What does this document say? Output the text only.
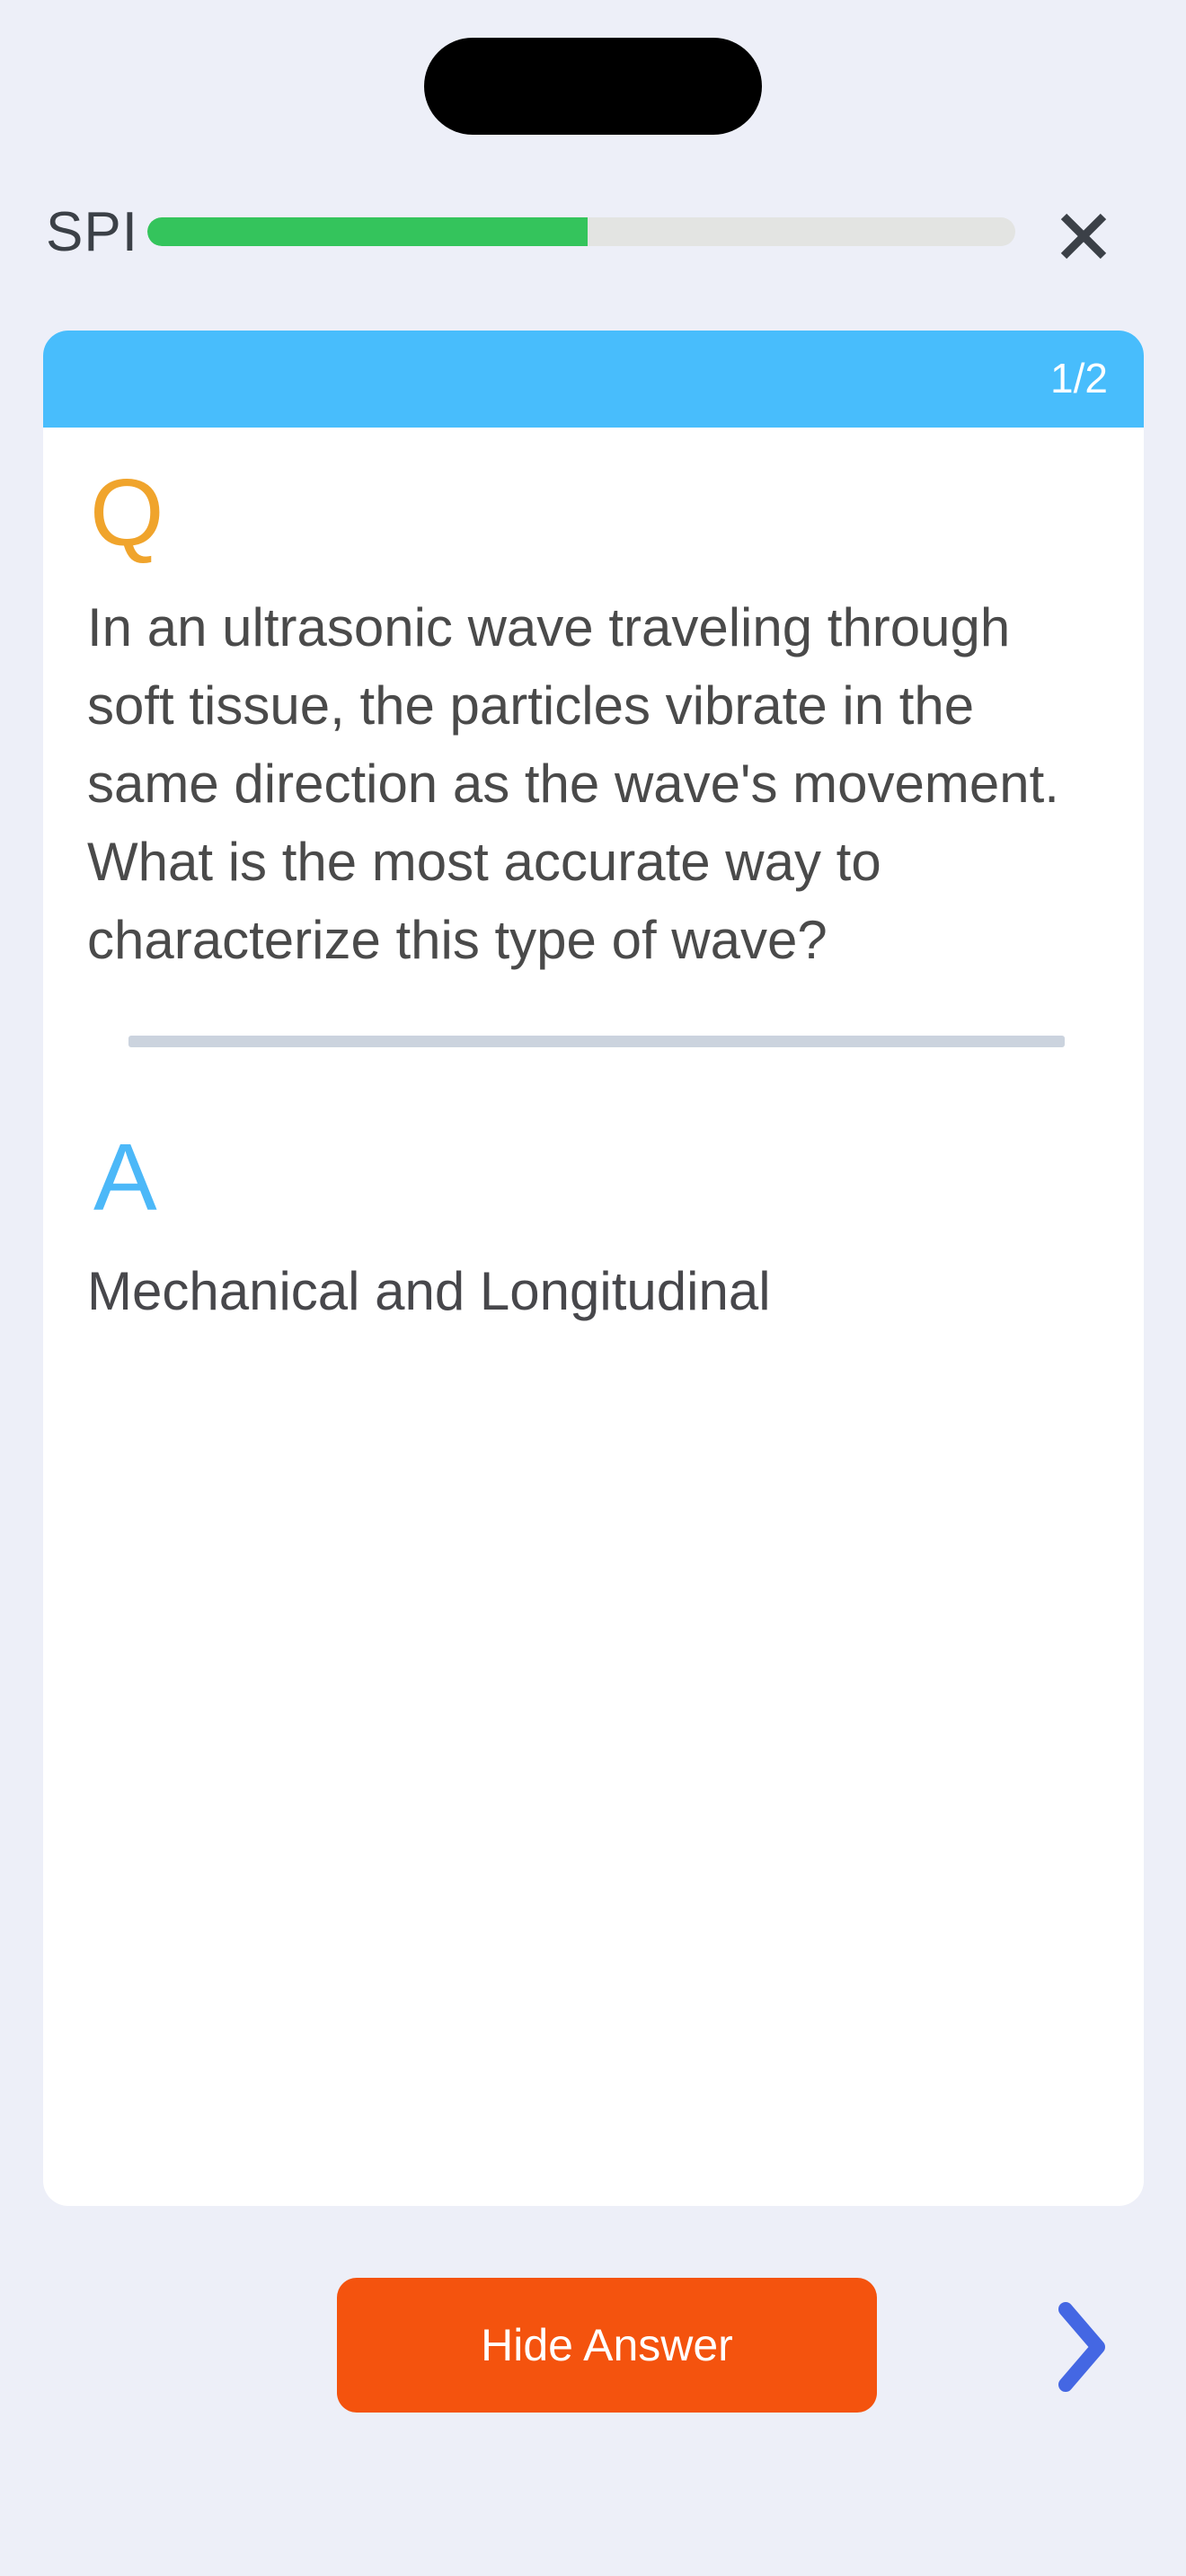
SPI
1/2
Q
In an ultrasonic wave traveling through soft tissue, the particles vibrate in the same direction as the wave's movement. What is the most accurate way to characterize this type of wave?
A
Mechanical and Longitudinal
Hide Answer
